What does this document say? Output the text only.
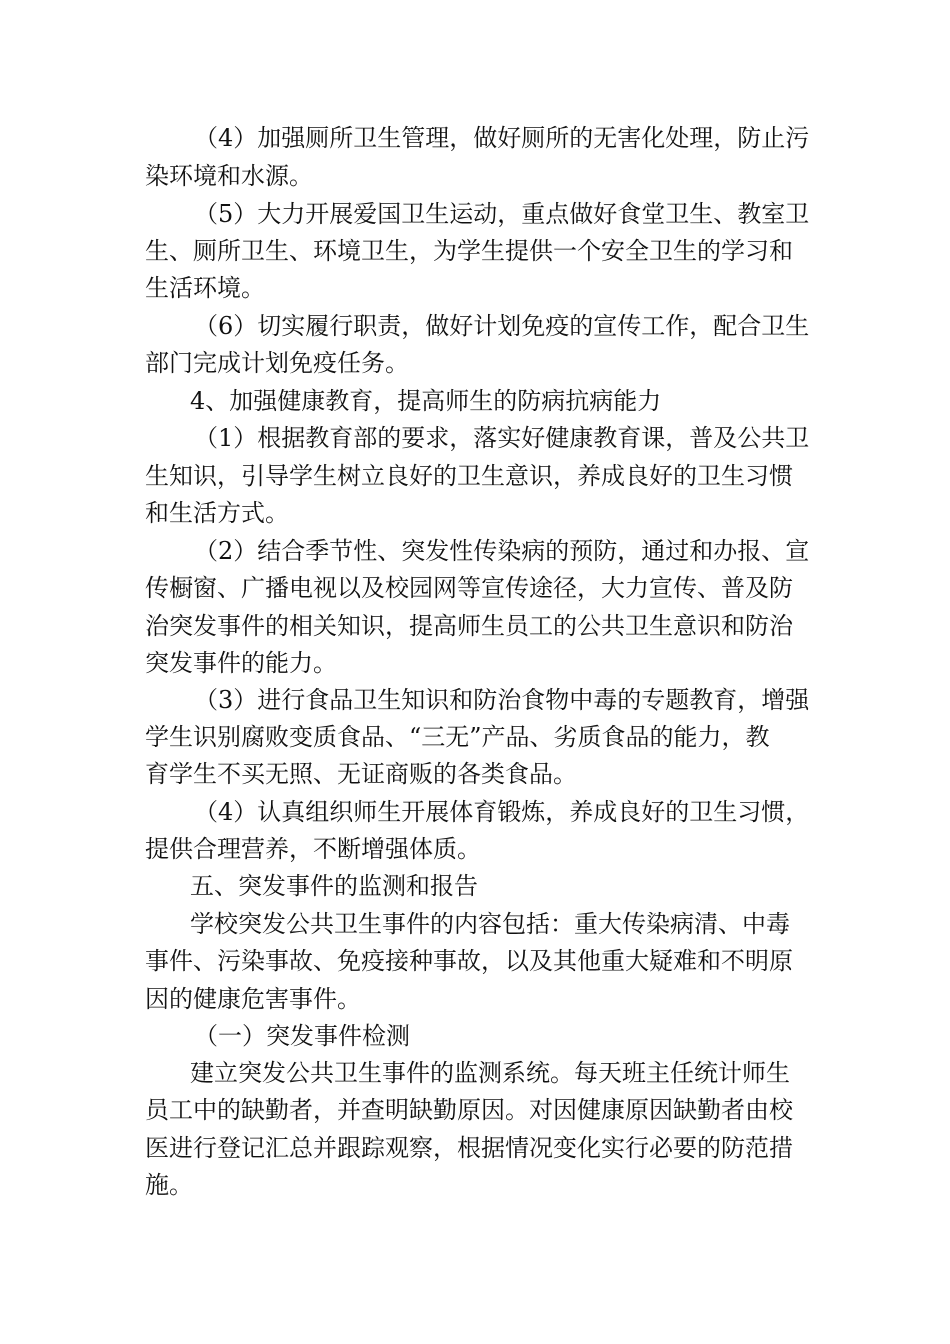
（4）加强厕所卫生管理，做好厕所的无害化处理，防止污
染环境和水源。
（5）大力开展爱国卫生运动，重点做好食堂卫生、教室卫
生、厕所卫生、环境卫生，为学生提供一个安全卫生的学习和
生活环境。
（6）切实履行职责，做好计划免疫的宣传工作，配合卫生
部门完成计划免疫任务。
4、加强健康教育，提高师生的防病抗病能力
（1）根据教育部的要求，落实好健康教育课，普及公共卫
生知识，引导学生树立良好的卫生意识，养成良好的卫生习惯
和生活方式。
（2）结合季节性、突发性传染病的预防，通过和办报、宣
传橱窗、广播电视以及校园网等宣传途径，大力宣传、普及防
治突发事件的相关知识，提高师生员工的公共卫生意识和防治
突发事件的能力。
（3）进行食品卫生知识和防治食物中毒的专题教育，增强
学生识别腐败变质食品、“三无”产品、劣质食品的能力，教
育学生不买无照、无证商贩的各类食品。
（4）认真组织师生开展体育锻炼，养成良好的卫生习惯，
提供合理营养，不断增强体质。
五、突发事件的监测和报告
学校突发公共卫生事件的内容包括：重大传染病清、中毒
事件、污染事故、免疫接种事故，以及其他重大疑难和不明原
因的健康危害事件。
（一）突发事件检测
建立突发公共卫生事件的监测系统。每天班主任统计师生
员工中的缺勤者，并查明缺勤原因。对因健康原因缺勤者由校
医进行登记汇总并跟踪观察，根据情况变化实行必要的防范措
施。
